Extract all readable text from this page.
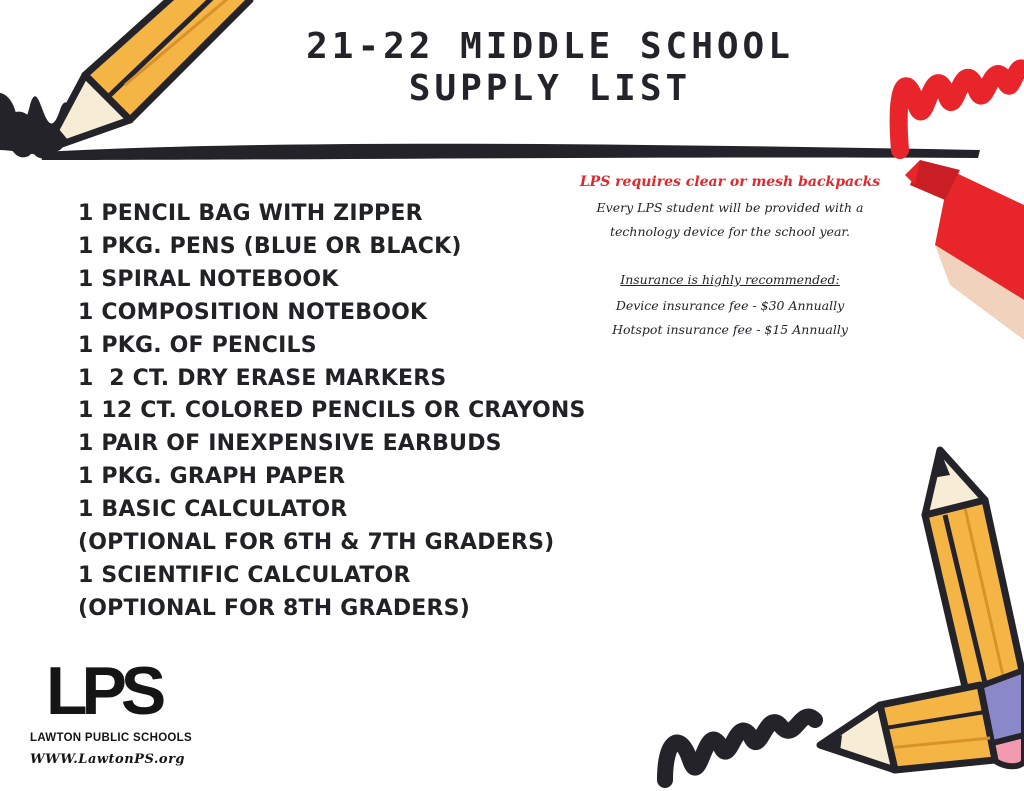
21-22 MIDDLE SCHOOL
SUPPLY LIST
1 PENCIL BAG WITH ZIPPER
1 PKG. PENS (BLUE OR BLACK)
1 SPIRAL NOTEBOOK
1 COMPOSITION NOTEBOOK
1 PKG. OF PENCILS
1  2 CT. DRY ERASE MARKERS
1 12 CT. COLORED PENCILS OR CRAYONS
1 PAIR OF INEXPENSIVE EARBUDS
1 PKG. GRAPH PAPER
1 BASIC CALCULATOR
(OPTIONAL FOR 6TH & 7TH GRADERS)
1 SCIENTIFIC CALCULATOR
(OPTIONAL FOR 8TH GRADERS)

LPS requires clear or mesh backpacks

Every LPS student will be provided with a

technology device for the school year.

Insurance is highly recommended:

Device insurance fee - $30 Annually

Hotspot insurance fee - $15 Annually

LPS
LAWTON PUBLIC SCHOOLS
WWW.LawtonPS.org
